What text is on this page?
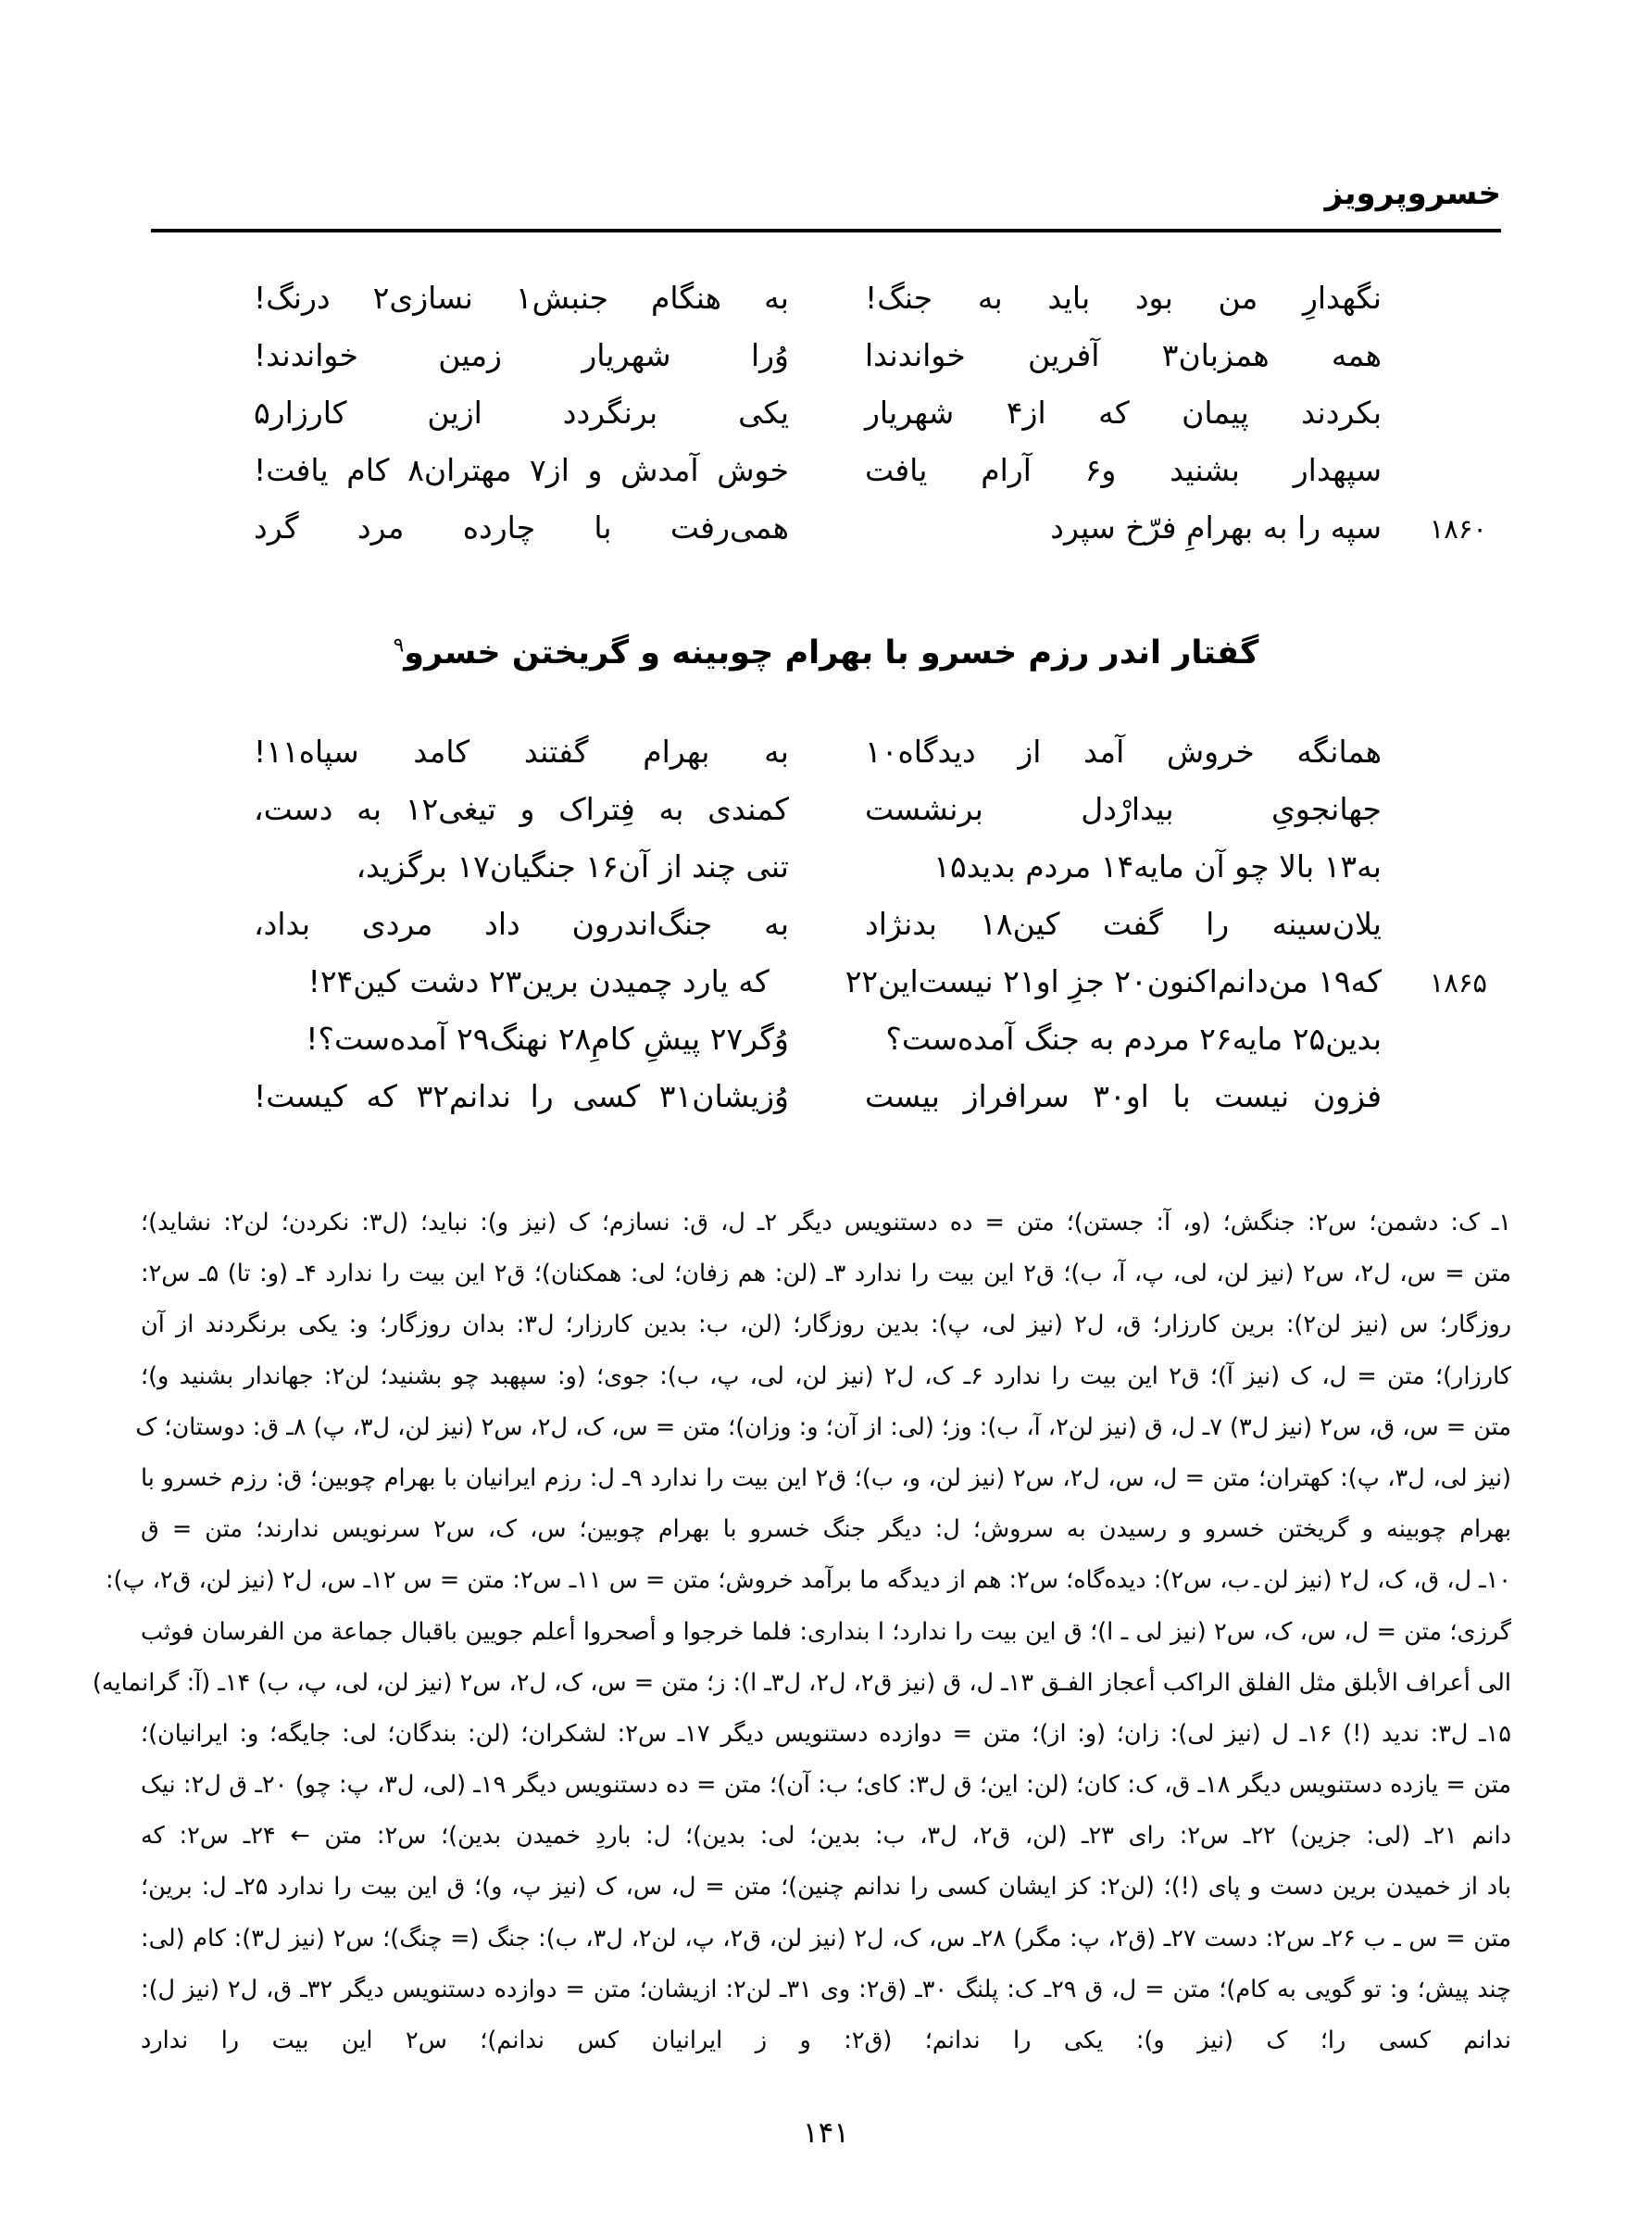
خسروپرویز
نگهدارِ من بود باید به جنگ!
به هنگام جنبش۱ نسازی۲ درنگ!
همه همزبان۳ آفرین خواندندا
وُرا شهریار زمین خواندند!
بکردند پیمان که از۴ شهریار
یکی برنگردد ازین کارزار۵
سپهدار بشنید و۶ آرام یافت
خوش آمدش و از۷ مهتران۸ کام یافت!
۱۸۶۰
سپه را به بهرامِ فرّخ سپرد
همی‌رفت با چارده مرد گرد
گفتار اندر رزم خسرو با بهرام چوبینه و گریختن خسرو$^۹$
همانگه خروش آمد از دیدگاه۱۰
به بهرام گفتند کامد سپاه۱۱!
جهانجویِ بیدارْدل برنشست
کمندی به فِتراک و تیغی۱۲ به دست،
به۱۳ بالا چو آن مایه۱۴ مردم بدید۱۵
تنی چند از آن۱۶ جنگیان۱۷ برگزید،
یلان‌سینه را گفت کین۱۸ بدنژاد
به جنگ‌اندرون داد مردی بداد،
۱۸۶۵
که۱۹ من‌دانم‌اکنون۲۰ جزِ او۲۱ نیست‌این۲۲
که یارد چمیدن برین۲۳ دشت کین۲۴!
بدین۲۵ مایه۲۶ مردم به جنگ آمده‌ست؟
وُگر۲۷ پیشِ کامِ۲۸ نهنگ۲۹ آمده‌ست؟!
فزون نیست با او۳۰ سرافراز بیست
وُزیشان۳۱ کسی را ندانم۳۲ که کیست!
۱ـ ک: دشمن؛ س۲: جنگش؛ (و، آ: جستن)؛ متن = ده دستنویس دیگر ۲ـ ل، ق: نسازم؛ ک (نیز و): نباید؛ (ل۳: نکردن؛ لن۲: نشاید)؛
متن = س، ل۲، س۲ (نیز لن، لی، پ، آ، ب)؛ ق۲ این بیت را ندارد ۳ـ (لن: هم زفان؛ لی: همکنان)؛ ق۲ این بیت را ندارد ۴ـ (و: تا) ۵ـ س۲:
روزگار؛ س (نیز لن۲): برین کارزار؛ ق، ل۲ (نیز لی، پ): بدین روزگار؛ (لن، ب: بدین کارزار؛ ل۳: بدان روزگار؛ و: یکی برنگردند از آن
کارزار)؛ متن = ل، ک (نیز آ)؛ ق۲ این بیت را ندارد ۶ـ ک، ل۲ (نیز لن، لی، پ، ب): جوی؛ (و: سپهبد چو بشنید؛ لن۲: جهاندار بشنید و)؛
متن = س، ق، س۲ (نیز ل۳) ۷ـ ل، ق (نیز لن۲، آ، ب): وز؛ (لی: از آن؛ و: وزان)؛ متن = س، ک، ل۲، س۲ (نیز لن، ل۳، پ) ۸ـ ق: دوستان؛ ک
(نیز لی، ل۳، پ): کهتران؛ متن = ل، س، ل۲، س۲ (نیز لن، و، ب)؛ ق۲ این بیت را ندارد ۹ـ ل: رزم ایرانیان با بهرام چوبین؛ ق: رزم خسرو با
بهرام چوبینه و گریختن خسرو و رسیدن به سروش؛ ل: دیگر جنگ خسرو با بهرام چوبین؛ س، ک، س۲ سرنویس ندارند؛ متن = ق
۱۰ـ ل، ق، ک، ل۲ (نیز لن۔ب، س۲): دیده‌گاه؛ س۲: هم از دیدگه ما برآمد خروش؛ متن = س ۱۱ـ س۲: متن = س ۱۲ـ س، ل۲ (نیز لن، ق۲، پ):
گرزی؛ متن = ل، س، ک، س۲ (نیز لی ـ ا)؛ ق این بیت را ندارد؛ ا بنداری: فلما خرجوا و أصحروا أعلم جویین باقبال جماعة من الفرسان فوثب
الی أعراف الأبلق مثل الفلق الراکب أعجاز الفـق ۱۳ـ ل، ق (نیز ق۲، ل۲، ل۳ـ ا): ز؛ متن = س، ک، ل۲، س۲ (نیز لن، لی، پ، ب) ۱۴ـ (آ: گرانمایه)
۱۵ـ ل۳: ندید (!) ۱۶ـ ل (نیز لی): زان؛ (و: از)؛ متن = دوازده دستنویس دیگر ۱۷ـ س۲: لشکران؛ (لن: بندگان؛ لی: جایگه؛ و: ایرانیان)؛
متن = یازده دستنویس دیگر ۱۸ـ ق، ک: کان؛ (لن: این؛ ق ل۳: کای؛ ب: آن)؛ متن = ده دستنویس دیگر ۱۹ـ (لی، ل۳، پ: چو) ۲۰ـ ق ل۲: نیک
دانم ۲۱ـ (لی: جزین) ۲۲ـ س۲: رای ۲۳ـ (لن، ق۲، ل۳، ب: بدین؛ لی: بدین)؛ ل: باردِ خمیدن بدین)؛ س۲: متن ← ۲۴ـ س۲: که
باد از خمیدن برین دست و پای (!)؛ (لن۲: کز ایشان کسی را ندانم چنین)؛ متن = ل، س، ک (نیز پ، و)؛ ق این بیت را ندارد ۲۵ـ ل: برین؛
متن = س ـ ب ۲۶ـ س۲: دست ۲۷ـ (ق۲، پ: مگر) ۲۸ـ س، ک، ل۲ (نیز لن، ق۲، پ، لن۲، ل۳، ب): جنگ (= چنگ)؛ س۲ (نیز ل۳): کام (لی:
چند پیش؛ و: تو گویی به کام)؛ متن = ل، ق ۲۹ـ ک: پلنگ ۳۰ـ (ق۲: وی ۳۱ـ لن۲: ازیشان؛ متن = دوازده دستنویس دیگر ۳۲ـ ق، ل۲ (نیز ل):
ندانم کسی را؛ ک (نیز و): یکی را ندانم؛ (ق۲: و ز ایرانیان کس ندانم)؛ س۲ این بیت را ندارد
۱۴۱
